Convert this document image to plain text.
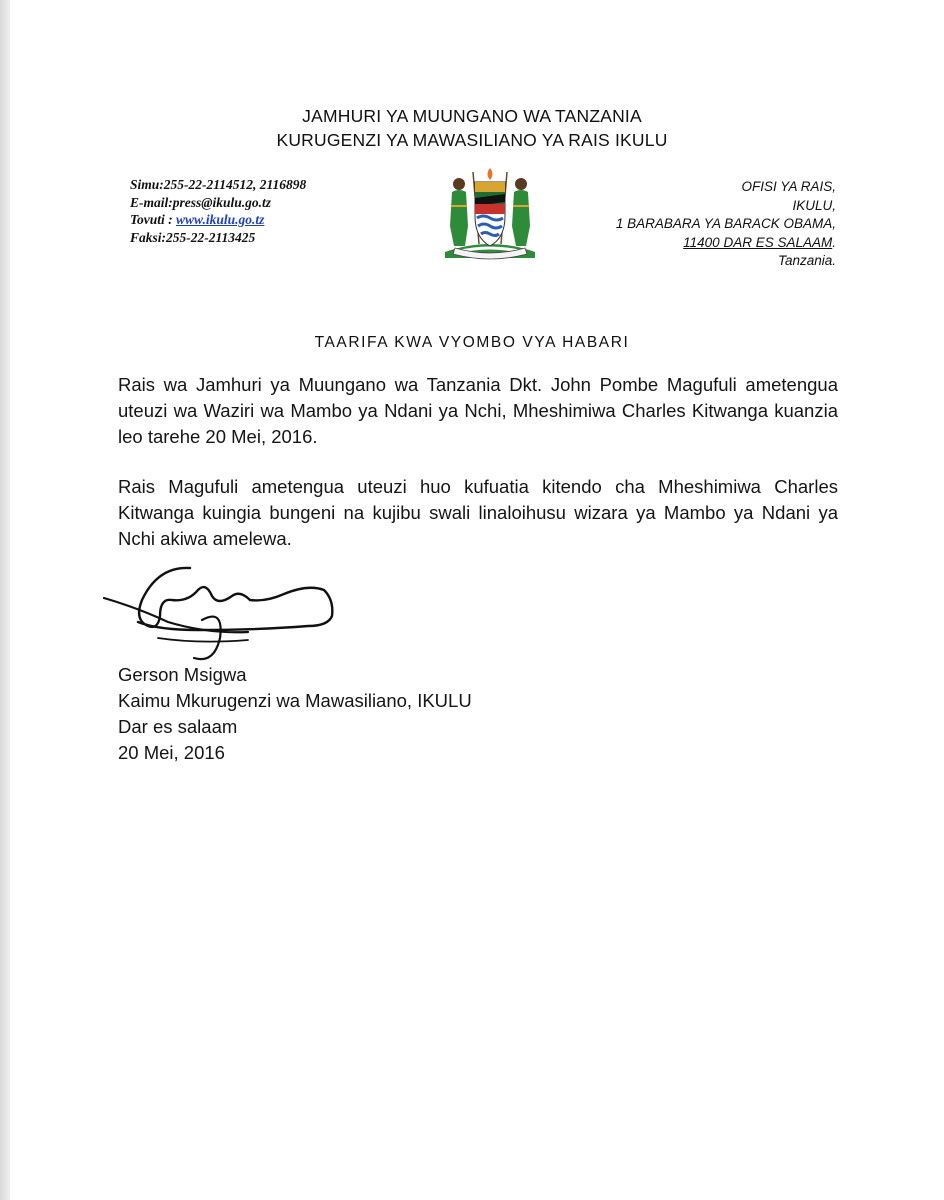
JAMHURI YA MUUNGANO WA TANZANIA
KURUGENZI YA MAWASILIANO YA RAIS IKULU
Simu:255-22-2114512, 2116898
E-mail:press@ikulu.go.tz
Tovuti : www.ikulu.go.tz
Faksi:255-22-2113425
OFISI YA RAIS,
IKULU,
1 BARABARA YA BARACK OBAMA,
11400 DAR ES SALAAM.
Tanzania.
TAARIFA KWA VYOMBO VYA HABARI
Rais wa Jamhuri ya Muungano wa Tanzania Dkt. John Pombe Magufuli ametengua uteuzi wa Waziri wa Mambo ya Ndani ya Nchi, Mheshimiwa Charles Kitwanga kuanzia leo tarehe 20 Mei, 2016.
Rais Magufuli ametengua uteuzi huo kufuatia kitendo cha Mheshimiwa Charles Kitwanga kuingia bungeni na kujibu swali linaloihusu wizara ya Mambo ya Ndani ya Nchi akiwa amelewa.
Gerson Msigwa
Kaimu Mkurugenzi wa Mawasiliano, IKULU
Dar es salaam
20 Mei, 2016
